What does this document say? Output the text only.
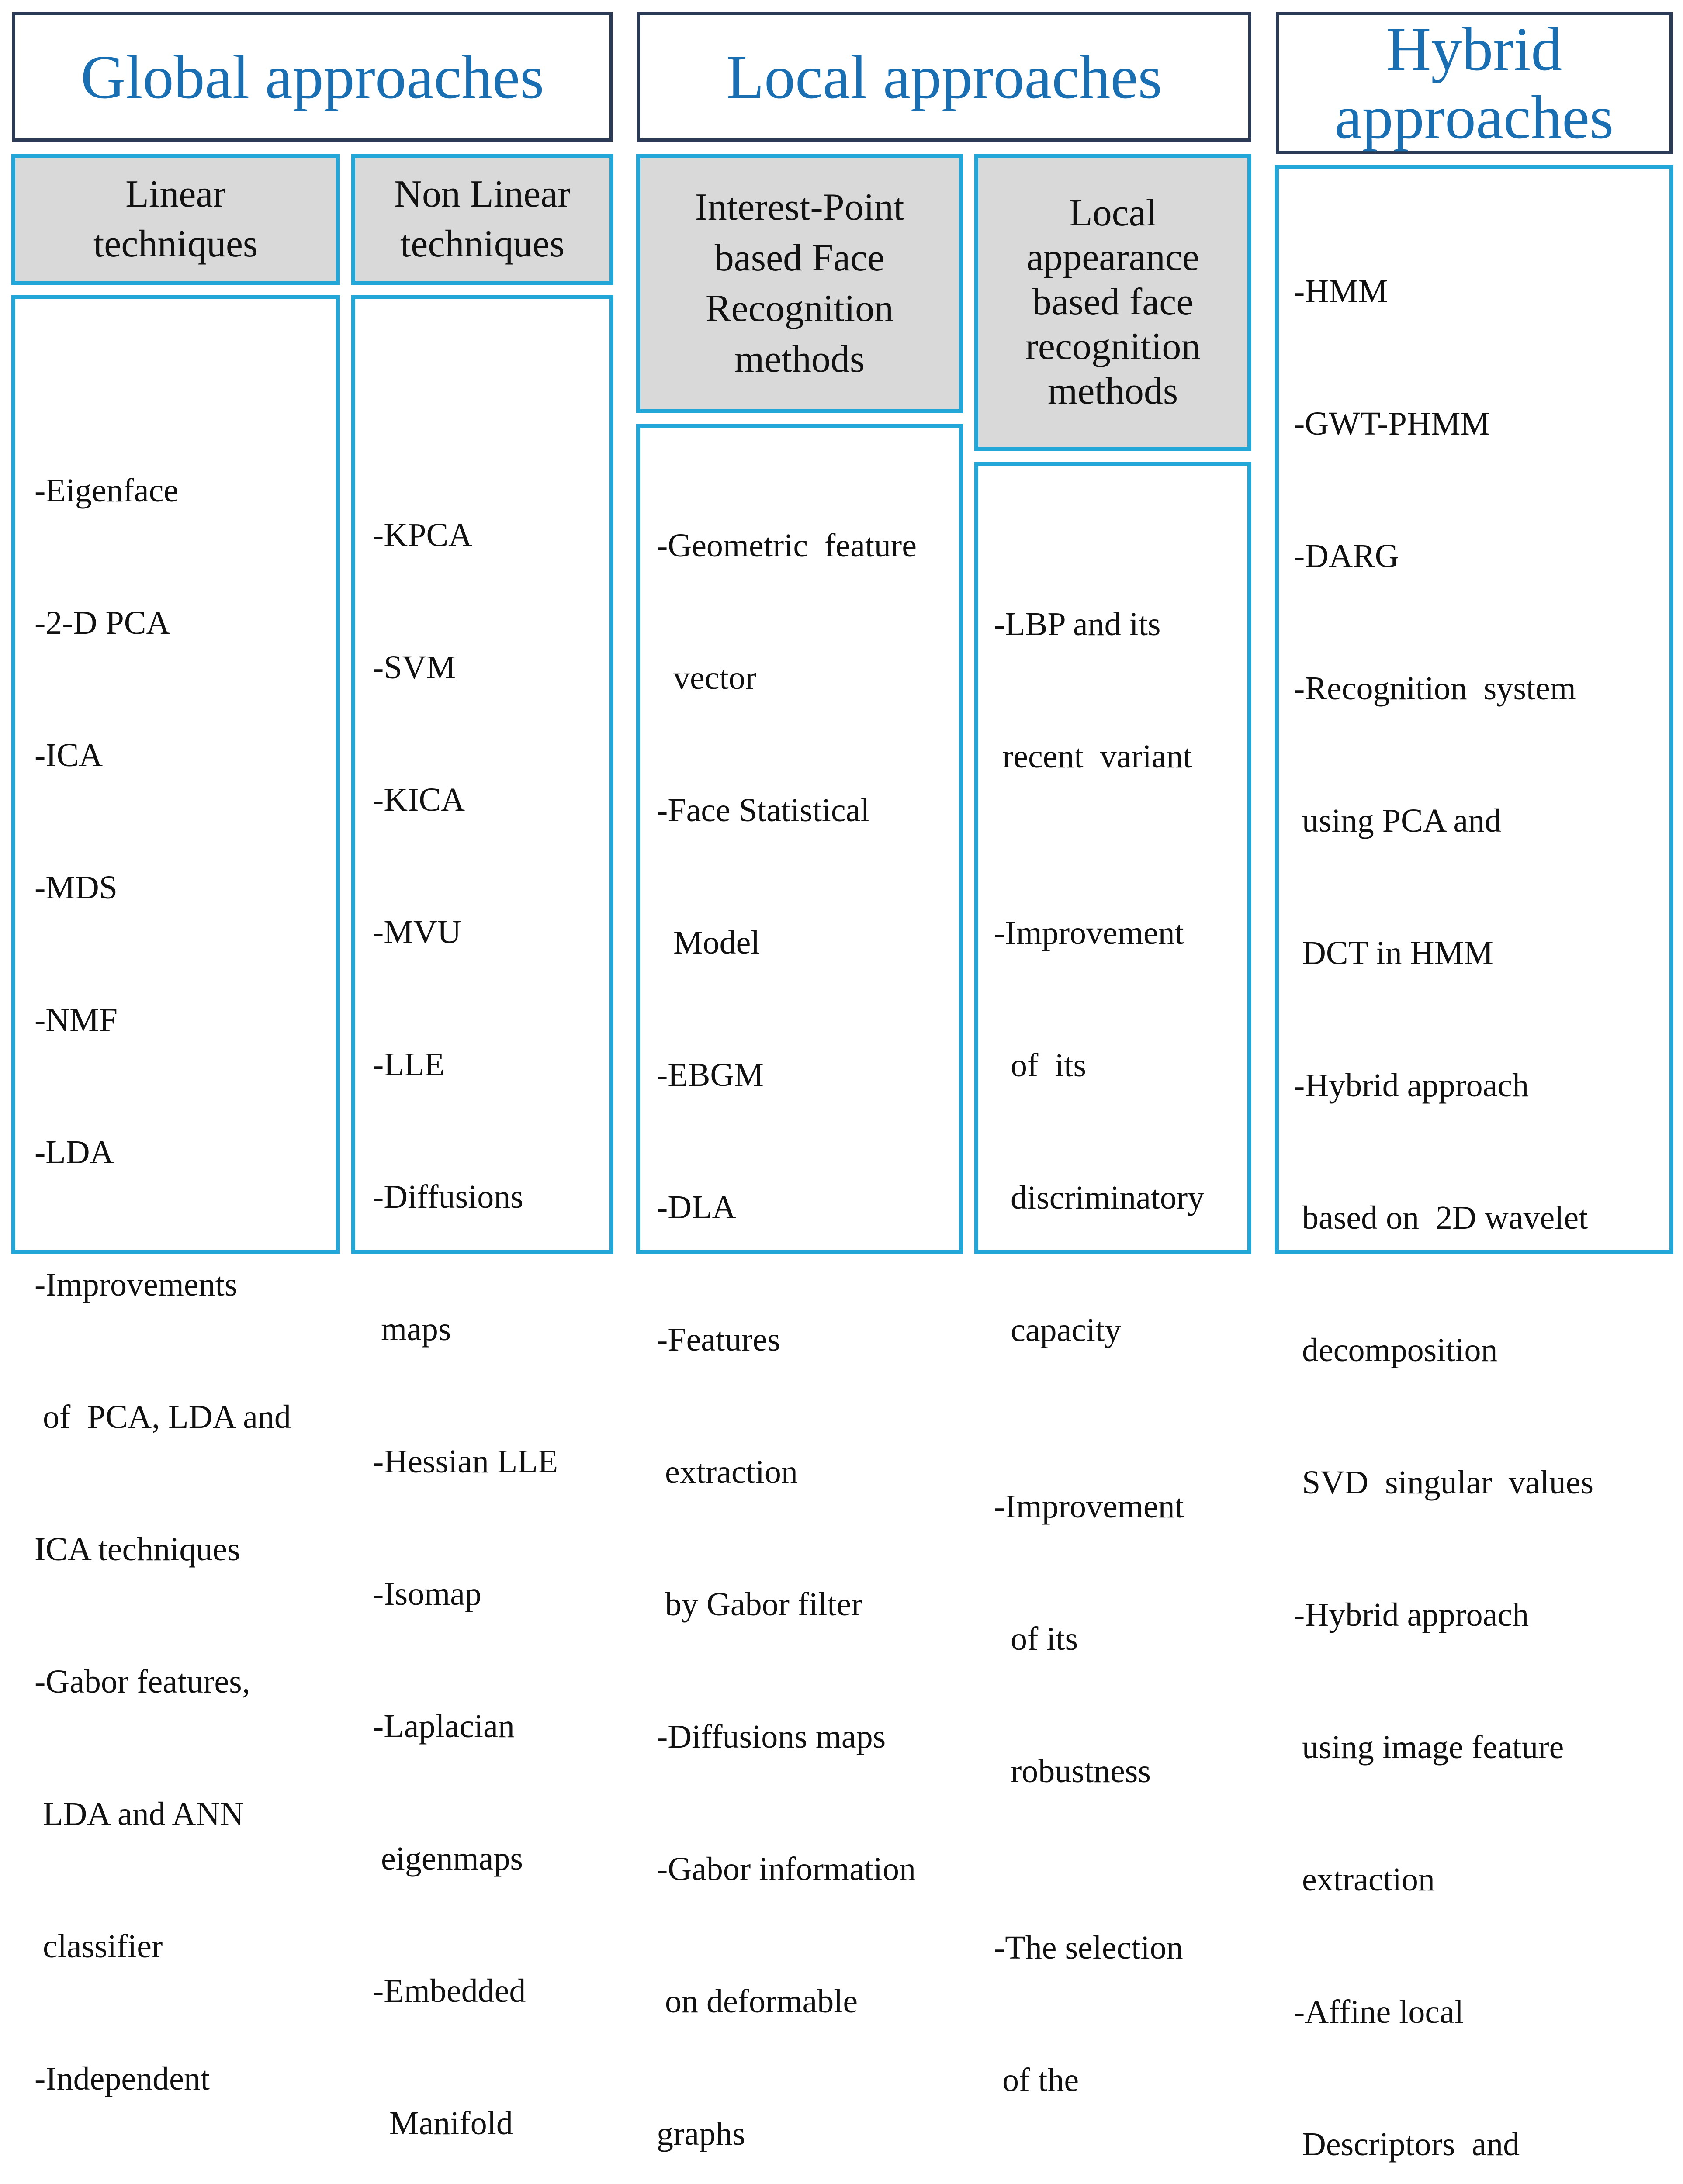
Global approaches	Local approaches	Hybrid
approaches
Linear
techniques
Non Linear
techniques
Interest-Point
based Face
Recognition
methods
Local
appearance
based face
recognition
methods

-Eigenface

-2-D PCA

-ICA

-MDS

-NMF

-LDA

-Improvements

of  PCA, LDA and

ICA techniques

-Gabor features,

LDA and ANN

classifier

-Independent

-KPCA

-SVM

-KICA

-MVU

-LLE

-Diffusions

maps

-Hessian LLE

-Isomap

-Laplacian

eigenmaps

-Embedded

Manifold

-Geometric  feature

vector

-Face Statistical

Model

-EBGM

-DLA

-Features

extraction

by Gabor filter

-Diffusions maps

-Gabor information

on deformable

graphs

-LBP and its

recent  variant

-Improvement

of  its

discriminatory

capacity

-Improvement

of its

robustness

-The selection

of the

-HMM

-GWT-PHMM

-DARG

-Recognition  system

using PCA and

DCT in HMM

-Hybrid approach

based on  2D wavelet

decomposition

SVD  singular  values

-Hybrid approach

using image feature

extraction

-Affine local

Descriptors  and
